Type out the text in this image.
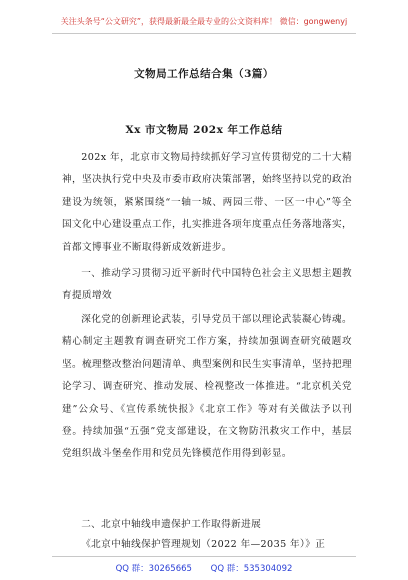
关注头条号“公文研究”，获得最新最全最专业的公文资料库！ 微信：gongwenyj
文物局工作总结合集（3篇）
Xx 市文物局 202x 年工作总结
202x 年，北京市文物局持续抓好学习宣传贯彻党的二十大精神，坚决执行党中央及市委市政府决策部署，始终坚持以党的政治建设为统领，紧紧围绕“一轴一城、两园三带、一区一中心”等全国文化中心建设重点工作，扎实推进各项年度重点任务落地落实，首都文博事业不断取得新成效新进步。
一、推动学习贯彻习近平新时代中国特色社会主义思想主题教育提质增效
深化党的创新理论武装，引导党员干部以理论武装凝心铸魂。精心制定主题教育调查研究工作方案，持续加强调查研究破题攻坚。梳理整改整治问题清单、典型案例和民生实事清单，坚持把理论学习、调查研究、推动发展、检视整改一体推进。“北京机关党建”公众号、《宣传系统快报》《北京工作》等对有关做法予以刊登。持续加强“五强”党支部建设，在文物防汛救灾工作中，基层党组织战斗堡垒作用和党员先锋模范作用得到彰显。
二、北京中轴线申遗保护工作取得新进展
《北京中轴线保护管理规划（2022 年—2035 年）》正
QQ 群：30265665 QQ 群：535304092
